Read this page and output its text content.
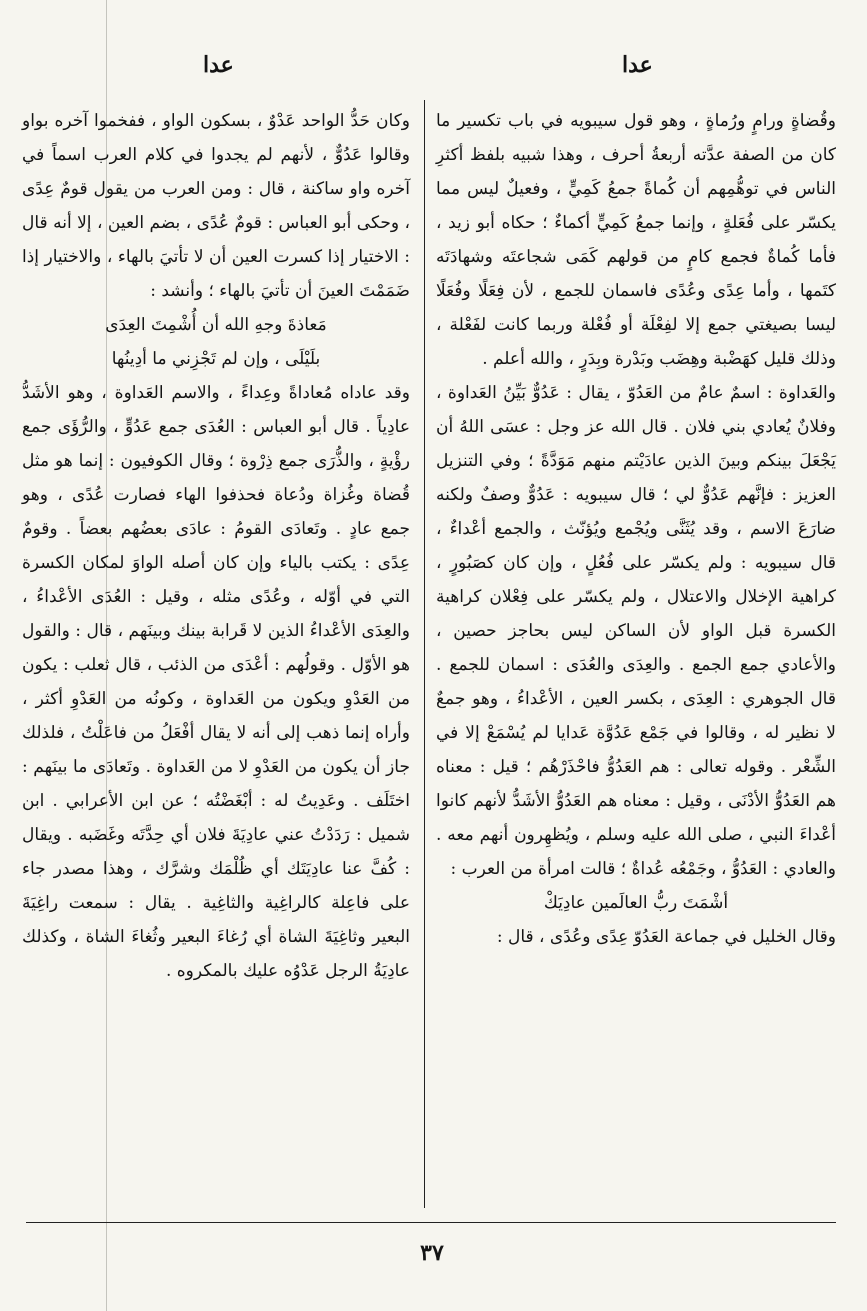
عدا
عدا

وقُضاةٍ ورامٍ ورُماةٍ ، وهو قول سيبويه في باب تكسير ما كان من الصفة عدَّته أربعةُ أحرف ، وهذا شبيه بلفظ أكثرِ الناس في توهُّمِهم أن كُماةً جمعُ كَمِيٍّ ، وفعيلٌ ليس مما يكسّر على فُعَلةٍ ، وإنما جمعُ كَمِيٍّ أكماءٌ ؛ حكاه أبو زيد ، فأما كُماةٌ فجمع كامٍ من قولهم كَمَى شجاعتَه وشهادَتَه كتَمها ، وأما عِدًى وعُدًى فاسمان للجمع ، لأن فِعَلًا وفُعَلًا ليسا بصيغتي جمع إلا لفِعْلَة أو فُعْلة وربما كانت لفَعْلة ، وذلك قليل كهَضْبة وهِضَب وبَدْرة وبِدَرٍ ، والله أعلم .

والعَداوة : اسمٌ عامٌ من العَدُوّ ، يقال : عَدُوٌّ بَيِّنُ العَداوة ، وفلانٌ يُعادي بني فلان . قال الله عز وجل : عسَى اللهُ أن يَجْعَلَ بينكم وبينَ الذين عادَيْتم منهم مَوَدَّةً ؛ وفي التنزيل العزيز : فإنَّهم عَدُوٌّ لي ؛ قال سيبويه : عَدُوٌّ وصفٌ ولكنه ضارَعَ الاسم ، وقد يُثَنَّى ويُجْمع ويُؤنّث ، والجمع أعْداءٌ ، قال سيبويه : ولم يكسّر على فُعُلٍ ، وإن كان كصَبُورٍ ، كراهية الإخلال والاعتلال ، ولم يكسّر على فِعْلان كراهية الكسرة قبل الواو لأن الساكن ليس بحاجز حصين ، والأعادي جمع الجمع . والعِدَى والعُدَى : اسمان للجمع . قال الجوهري : العِدَى ، بكسر العين ، الأعْداءُ ، وهو جمعٌ لا نظير له ، وقالوا في جَمْع عَدُوَّة عَدايا لم يُسْمَعْ إلا في الشِّعْر . وقوله تعالى : هم العَدُوُّ فاحْذَرْهُم ؛ قيل : معناه هم العَدُوُّ الأدْنَى ، وقيل : معناه هم العَدُوُّ الأشَدُّ لأنهم كانوا أعْداءَ النبي ، صلى الله عليه وسلم ، ويُظهِرون أنهم معه . والعادي : العَدُوُّ ، وجَمْعُه عُداةٌ ؛ قالت امرأة من العرب :

أشْمَتَ ربُّ العالَمين عادِيَكْ

وقال الخليل في جماعة العَدُوّ عِدًى وعُدًى ، قال :

وكان حَدُّ الواحد عَدْوٌ ، بسكون الواو ، ففخموا آخره بواو وقالوا عَدُوٌّ ، لأنهم لم يجدوا في كلام العرب اسماً في آخره واو ساكنة ، قال : ومن العرب من يقول قومٌ عِدًى ، وحكى أبو العباس : قومٌ عُدًى ، بضم العين ، إلا أنه قال : الاختيار إذا كسرت العين أن لا تأتيَ بالهاء ، والاختيار إذا ضَمَمْتَ العينَ أن تأتيَ بالهاء ؛ وأنشد :

مَعاذةَ وجهِ الله أن أُشْمِتَ العِدَى

بلَيْلَى ، وإن لم تَجْزِني ما أدِينُها

وقد عاداه مُعاداةً وعِداءً ، والاسم العَداوة ، وهو الأشَدُّ عادِياً . قال أبو العباس : العُدَى جمع عَدُوٍّ ، والرُّؤَى جمع رؤْيةٍ ، والذُّرَى جمع ذِرْوة ؛ وقال الكوفيون : إنما هو مثل قُضاة وغُزاة ودُعاة فحذفوا الهاء فصارت عُدًى ، وهو جمع عادٍ . وتَعادَى القومُ : عادَى بعضُهم بعضاً . وقومٌ عِدًى : يكتب بالياء وإن كان أصله الواوَ لمكان الكسرة التي في أوّله ، وعُدًى مثله ، وقيل : العُدَى الأعْداءُ ، والعِدَى الأعْداءُ الذين لا قَرابة بينك وبينَهم ، قال : والقول هو الأوّل . وقولُهم : أعْدَى من الذئب ، قال ثعلب : يكون من العَدْوِ ويكون من العَداوة ، وكونُه من العَدْوِ أكثر ، وأراه إنما ذهب إلى أنه لا يقال أفْعَلُ من فاعَلْتُ ، فلذلك جاز أن يكون من العَدْوِ لا من العَداوة . وتَعادَى ما بينَهم : اختَلَف . وعَدِيتُ له : أبْغَضْتُه ؛ عن ابن الأعرابي . ابن شميل : رَدَدْتُ عني عادِيَةَ فلان أي حِدَّتَه وغَضَبه . ويقال : كُفَّ عنا عادِيَتَك أي ظُلْمَك وشرَّك ، وهذا مصدر جاء على فاعِلة كالراغِية والثاغِية . يقال : سمعت راغِيَةَ البعير وثاغِيَةَ الشاة أي رُغاءَ البعير وثُغاءَ الشاة ، وكذلك عادِيَةُ الرجل عَدْوُه عليك بالمكروه .

٣٧
